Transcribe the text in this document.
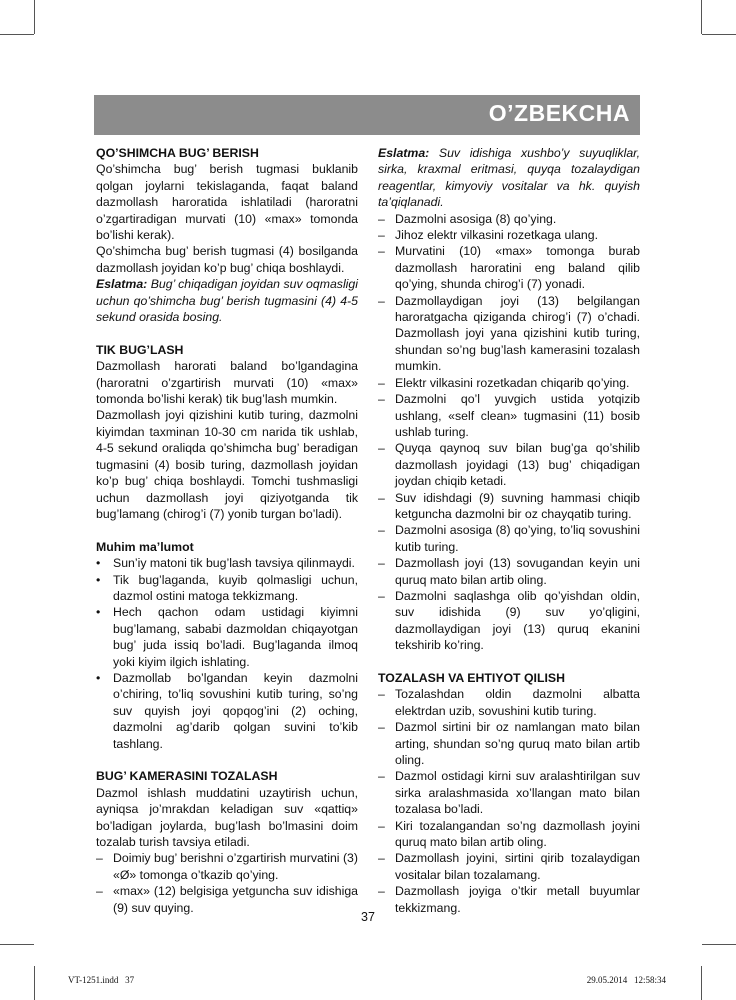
O’ZBEKCHA

QO’SHIMCHA BUG’ BERISH

Qo’shimcha bug’ berish tugmasi buklanib qolgan joylarni tekislaganda, faqat baland dazmollash haroratida ishlatiladi (haroratni o’zgartiradigan murvati (10) «max» tomonda bo’lishi kerak).

Qo’shimcha bug’ berish tugmasi (4) bosilganda dazmollash joyidan ko’p bug’ chiqa boshlaydi.

Eslatma: Bug’ chiqadigan joyidan suv oqmasligi uchun qo’shimcha bug’ berish tugmasini (4) 4-5 sekund orasida bosing.

TIK BUG’LASH

Dazmollash harorati baland bo’lgandagina (haroratni o’zgartirish murvati (10) «max» tomonda bo’lishi kerak) tik bug’lash mumkin.

Dazmollash joyi qizishini kutib turing, dazmolni kiyimdan taxminan 10-30 cm narida tik ushlab, 4-5 sekund oraliqda qo’shimcha bug’ beradigan tugmasini (4) bosib turing, dazmollash joyidan ko’p bug’ chiqa boshlaydi. Tomchi tushmasligi uchun dazmollash joyi qiziyotganda tik bug’lamang (chirog’i (7) yonib turgan bo’ladi).

Muhim ma’lumot

• Sun’iy matoni tik bug’lash tavsiya qilinmaydi.
• Tik bug’laganda, kuyib qolmasligi uchun, dazmol ostini matoga tekkizmang.
• Hech qachon odam ustidagi kiyimni bug’lamang, sababi dazmoldan chiqayotgan bug’ juda issiq bo’ladi. Bug’laganda ilmoq yoki kiyim ilgich ishlating.
• Dazmollab bo’lgandan keyin dazmolni o’chiring, to’liq sovushini kutib turing, so’ng suv quyish joyi qopqog’ini (2) oching, dazmolni ag’darib qolgan suvini to’kib tashlang.

BUG’ KAMERASINI TOZALASH

Dazmol ishlash muddatini uzaytirish uchun, ayniqsa jo’mrakdan keladigan suv «qattiq» bo’ladigan joylarda, bug’lash bo’lmasini doim tozalab turish tavsiya etiladi.

– Doimiy bug’ berishni o’zgartirish murvatini (3) «Ø» tomonga o’tkazib qo’ying.
– «max» (12) belgisiga yetguncha suv idishiga (9) suv quying.

Eslatma: Suv idishiga xushbo’y suyuqliklar, sirka, kraxmal eritmasi, quyqa tozalaydigan reagentlar, kimyoviy vositalar va hk. quyish ta’qiqlanadi.

– Dazmolni asosiga (8) qo’ying.
– Jihoz elektr vilkasini rozetkaga ulang.
– Murvatini (10) «max» tomonga burab dazmollash haroratini eng baland qilib qo’ying, shunda chirog’i (7) yonadi.
– Dazmollaydigan joyi (13) belgilangan haroratgacha qiziganda chirog’i (7) o’chadi. Dazmollash joyi yana qizishini kutib turing, shundan so’ng bug’lash kamerasini tozalash mumkin.
– Elektr vilkasini rozetkadan chiqarib qo’ying.
– Dazmolni qo’l yuvgich ustida yotqizib ushlang, «self clean» tugmasini (11) bosib ushlab turing.
– Quyqa qaynoq suv bilan bug’ga qo’shilib dazmollash joyidagi (13) bug’ chiqadigan joydan chiqib ketadi.
– Suv idishdagi (9) suvning hammasi chiqib ketguncha dazmolni bir oz chayqatib turing.
– Dazmolni asosiga (8) qo’ying, to’liq sovushini kutib turing.
– Dazmollash joyi (13) sovugandan keyin uni quruq mato bilan artib oling.
– Dazmolni saqlashga olib qo’yishdan oldin, suv idishida (9) suv yo’qligini, dazmollaydigan joyi (13) quruq ekanini tekshirib ko’ring.

TOZALASH VA EHTIYOT QILISH

– Tozalashdan oldin dazmolni albatta elektrdan uzib, sovushini kutib turing.
– Dazmol sirtini bir oz namlangan mato bilan arting, shundan so’ng quruq mato bilan artib oling.
– Dazmol ostidagi kirni suv aralashtirilgan suv sirka aralashmasida xo’llangan mato bilan tozalasa bo’ladi.
– Kiri tozalangandan so’ng dazmollash joyini quruq mato bilan artib oling.
– Dazmollash joyini, sirtini qirib tozalaydigan vositalar bilan tozalamang.
– Dazmollash joyiga o’tkir metall buyumlar tekkizmang.
37
VT-1251.indd   37	29.05.2014   12:58:34
